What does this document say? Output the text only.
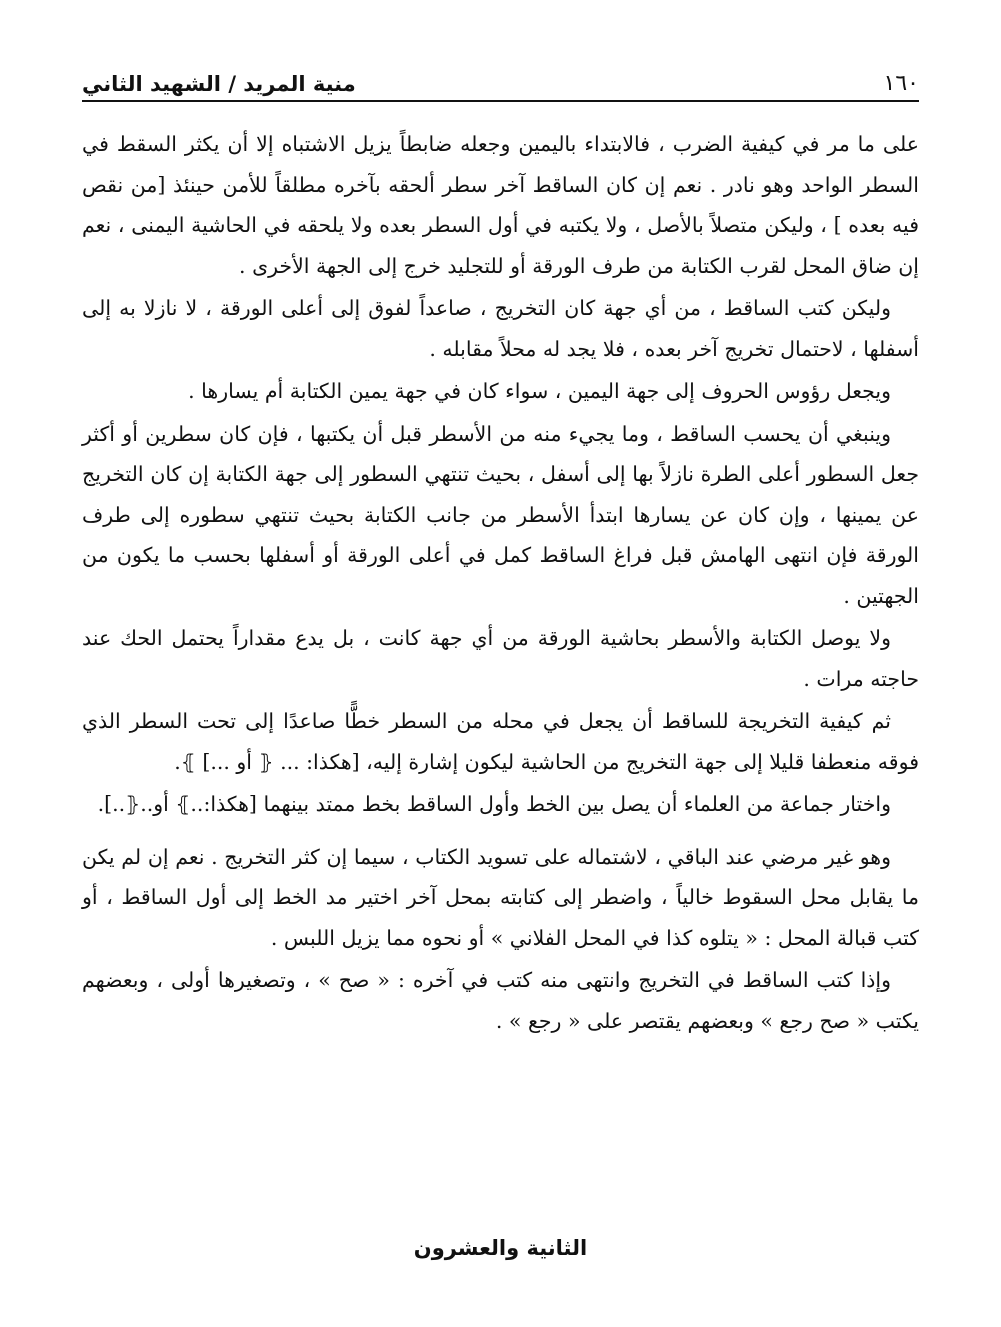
١٦٠
منية المريد / الشهيد الثاني

على ما مر في كيفية الضرب ، فالابتداء باليمين وجعله ضابطاً يزيل الاشتباه إلا أن يكثر السقط في السطر الواحد وهو نادر . نعم إن كان الساقط آخر سطر ألحقه بآخره مطلقاً للأمن حينئذ [من نقص فيه بعده ] ، وليكن متصلاً بالأصل ، ولا يكتبه في أول السطر بعده ولا يلحقه في الحاشية اليمنى ، نعم إن ضاق المحل لقرب الكتابة من طرف الورقة أو للتجليد خرج إلى الجهة الأخرى .

وليكن كتب الساقط ، من أي جهة كان التخريج ، صاعداً لفوق إلى أعلى الورقة ، لا نازلا به إلى أسفلها ، لاحتمال تخريج آخر بعده ، فلا يجد له محلاً مقابله .

ويجعل رؤوس الحروف إلى جهة اليمين ، سواء كان في جهة يمين الكتابة أم يسارها .

وينبغي أن يحسب الساقط ، وما يجيء منه من الأسطر قبل أن يكتبها ، فإن كان سطرين أو أكثر جعل السطور أعلى الطرة نازلاً بها إلى أسفل ، بحيث تنتهي السطور إلى جهة الكتابة إن كان التخريج عن يمينها ، وإن كان عن يسارها ابتدأ الأسطر من جانب الكتابة بحيث تنتهي سطوره إلى طرف الورقة فإن انتهى الهامش قبل فراغ الساقط كمل في أعلى الورقة أو أسفلها بحسب ما يكون من الجهتين .

ولا يوصل الكتابة والأسطر بحاشية الورقة من أي جهة كانت ، بل يدع مقداراً يحتمل الحك عند حاجته مرات .

ثم كيفية التخريجة للساقط أن يجعل في محله من السطر خطًّا صاعدًا إلى تحت السطر الذي فوقه منعطفا قليلا إلى جهة التخريج من الحاشية ليكون إشارة إليه، [هكذا: ... ⦃ أو ...] ⦄.

واختار جماعة من العلماء أن يصل بين الخط وأول الساقط بخط ممتد بينهما [هكذا:..⦄ أو..⦃..].

وهو غير مرضي عند الباقي ، لاشتماله على تسويد الكتاب ، سيما إن كثر التخريج . نعم إن لم يكن ما يقابل محل السقوط خالياً ، واضطر إلى كتابته بمحل آخر اختير مد الخط إلى أول الساقط ، أو كتب قبالة المحل : « يتلوه كذا في المحل الفلاني » أو نحوه مما يزيل اللبس .

وإذا كتب الساقط في التخريج وانتهى منه كتب في آخره : « صح » ، وتصغيرها أولى ، وبعضهم يكتب « صح رجع » وبعضهم يقتصر على « رجع » .

الثانية والعشرون
